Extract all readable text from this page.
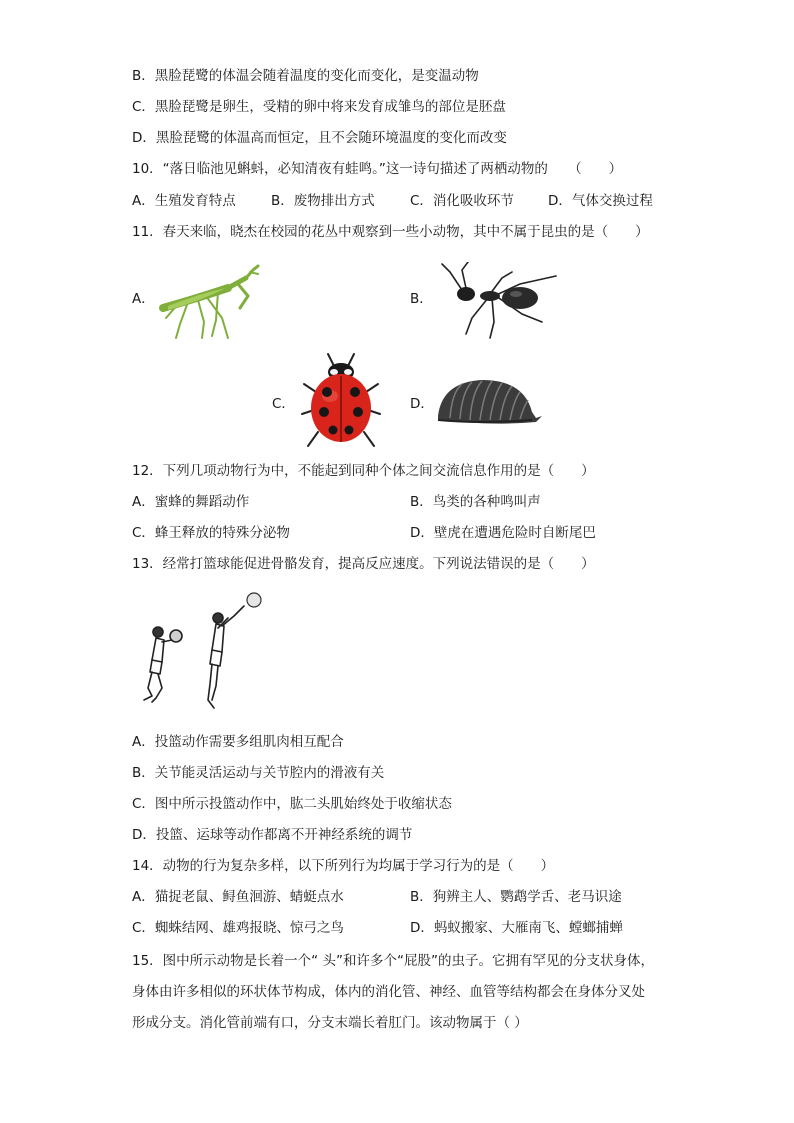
B．黑脸琵鹭的体温会随着温度的变化而变化，是变温动物
C．黑脸琵鹭是卵生，受精的卵中将来发育成雏鸟的部位是胚盘
D．黑脸琵鹭的体温高而恒定，且不会随环境温度的变化而改变
10．“落日临池见蝌蚪，必知清夜有蛙鸣。”这一诗句描述了两栖动物的　　（　　）
A．生殖发育特点	B．废物排出方式	C．消化吸收环节	D．气体交换过程
11．春天来临，晓杰在校园的花丛中观察到一些小动物，其中不属于昆虫的是（　　）
A．	B．
C．	D．
12．下列几项动物行为中，不能起到同种个体之间交流信息作用的是（　　）
A．蜜蜂的舞蹈动作	B．鸟类的各种鸣叫声
C．蜂王释放的特殊分泌物	D．壁虎在遭遇危险时自断尾巴
13．经常打篮球能促进骨骼发育，提高反应速度。下列说法错误的是（　　）
A．投篮动作需要多组肌肉相互配合
B．关节能灵活运动与关节腔内的滑液有关
C．图中所示投篮动作中，肱二头肌始终处于收缩状态
D．投篮、运球等动作都离不开神经系统的调节
14．动物的行为复杂多样，以下所列行为均属于学习行为的是（　　）
A．猫捉老鼠、鲟鱼洄游、蜻蜓点水	B．狗辨主人、鹦鹉学舌、老马识途
C．蜘蛛结网、雄鸡报晓、惊弓之鸟	D．蚂蚁搬家、大雁南飞、螳螂捕蝉
15．图中所示动物是长着一个“ 头”和许多个“屁股”的虫子。它拥有罕见的分支状身体，
身体由许多相似的环状体节构成，体内的消化管、神经、血管等结构都会在身体分叉处
形成分支。消化管前端有口，分支末端长着肛门。该动物属于（ ）
